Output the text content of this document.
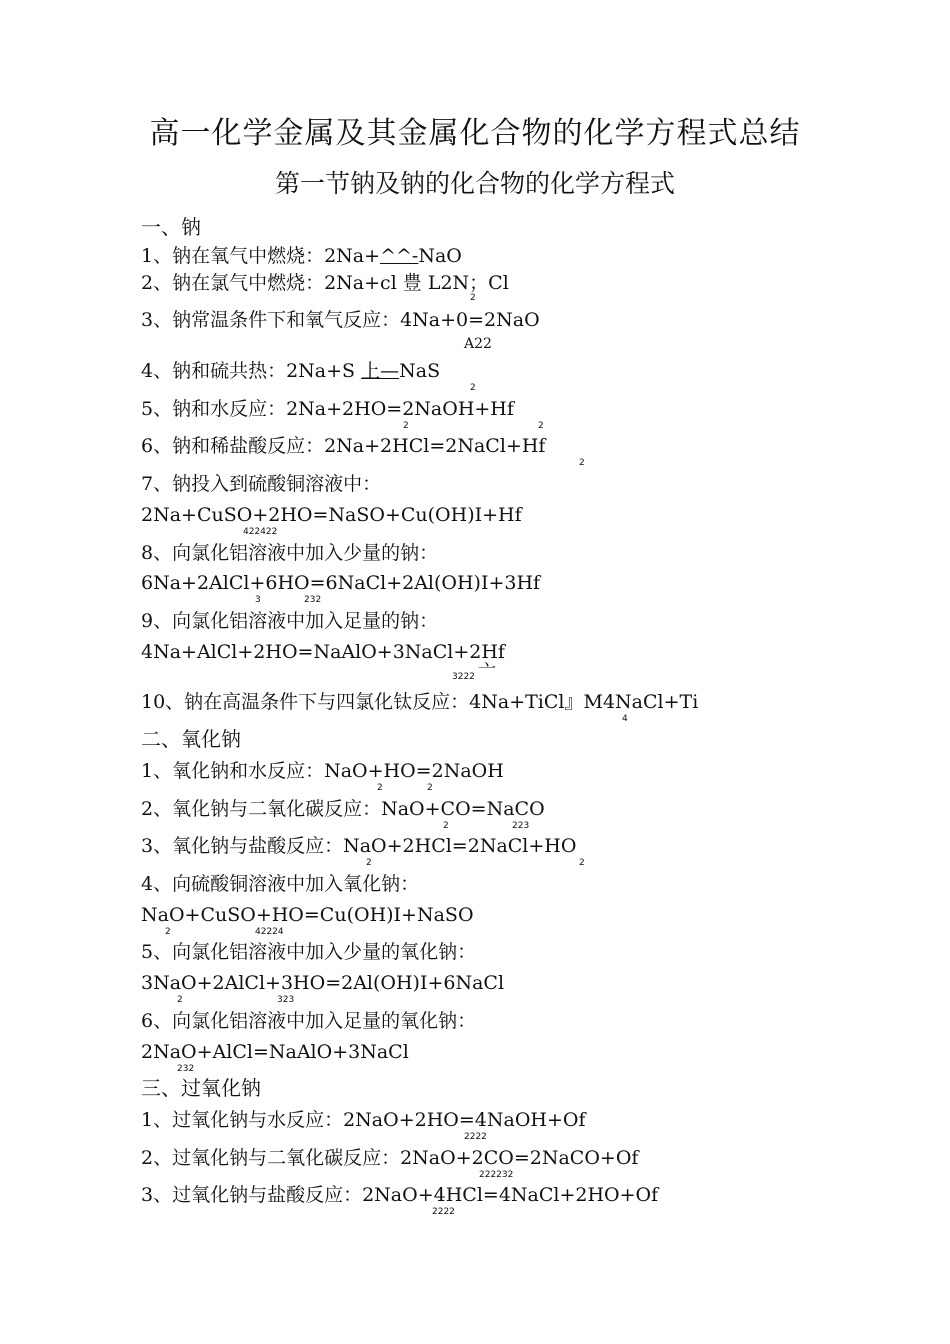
高一化学金属及其金属化合物的化学方程式总结
第一节钠及钠的化合物的化学方程式
一、钠
1、钠在氧气中燃烧：2Na+^^-NaO
2、钠在氯气中燃烧：2Na+cl 豊 L2N；Cl
2
3、钠常温条件下和氧气反应：4Na+0=2NaO
A22
4、钠和硫共热：2Na+S 上—NaS
2
5、钠和水反应：2Na+2HO=2NaOH+Hf
2	2
6、钠和稀盐酸反应：2Na+2HCl=2NaCl+Hf
2
7、钠投入到硫酸铜溶液中：
2Na+CuSO+2HO=NaSO+Cu(OH)I+Hf
422422
8、向氯化铝溶液中加入少量的钠：
6Na+2AlCl+6HO=6NaCl+2Al(OH)I+3Hf
3	232
9、向氯化铝溶液中加入足量的钠：
4Na+AlCl+2HO=NaAlO+3NaCl+2Hf
3222 亠
10、钠在高温条件下与四氯化钛反应：4Na+TiCl』M4NaCl+Ti
4
二、氧化钠
1、氧化钠和水反应：NaO+HO=2NaOH
2	2
2、氧化钠与二氧化碳反应：NaO+CO=NaCO
2	223
3、氧化钠与盐酸反应：NaO+2HCl=2NaCl+HO
2	2
4、向硫酸铜溶液中加入氧化钠：
NaO+CuSO+HO=Cu(OH)I+NaSO
2	42224
5、向氯化铝溶液中加入少量的氧化钠：
3NaO+2AlCl+3HO=2Al(OH)I+6NaCl
2	323
6、向氯化铝溶液中加入足量的氧化钠：
2NaO+AlCl=NaAlO+3NaCl
232
三、过氧化钠
1、过氧化钠与水反应：2NaO+2HO=4NaOH+Of
2222
2、过氧化钠与二氧化碳反应：2NaO+2CO=2NaCO+Of
222232
3、过氧化钠与盐酸反应：2NaO+4HCl=4NaCl+2HO+Of
2222
